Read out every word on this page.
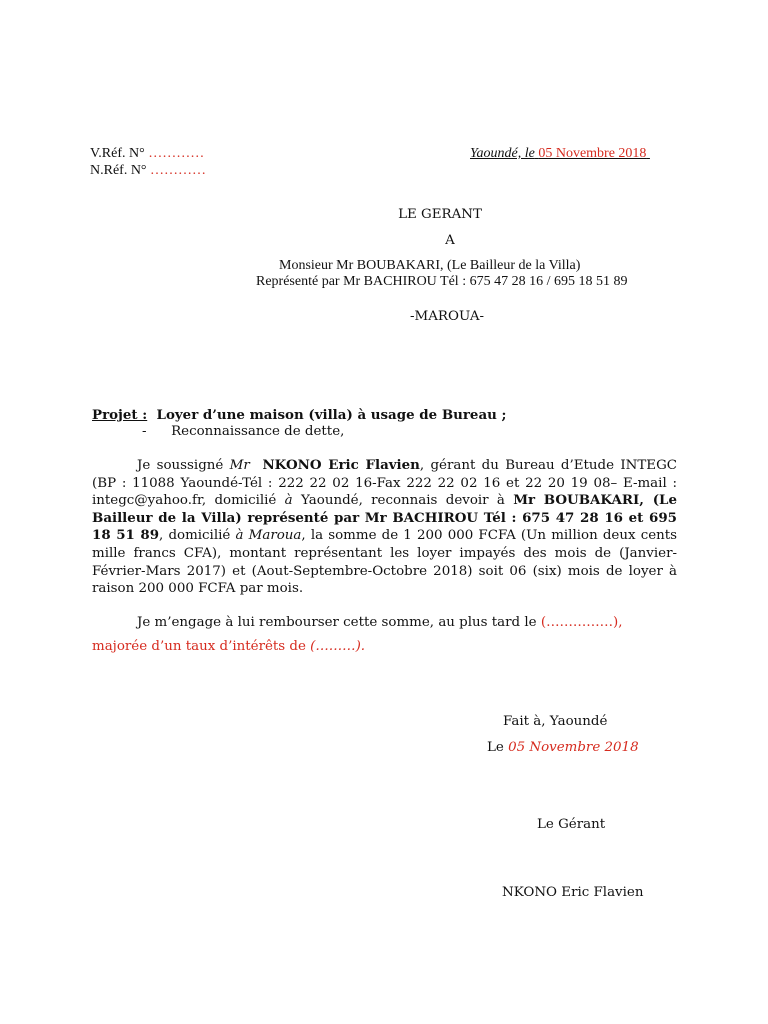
V.Réf. N° …………
N.Réf. N° …………
Yaoundé, le 05 Novembre 2018
LE GERANT
A
Monsieur Mr BOUBAKARI, (Le Bailleur de la Villa)
Représenté par Mr BACHIROU Tél : 675 47 28 16 / 695 18 51 89
-MAROUA-
Projet : Loyer d’une maison (villa) à usage de Bureau ;
- Reconnaissance de dette,
Je soussigné Mr NKONO Eric Flavien, gérant du Bureau d’Etude INTEGC (BP : 11088 Yaoundé-Tél : 222 22 02 16-Fax 222 22 02 16 et 22 20 19 08– E-mail : integc@yahoo.fr, domicilié à Yaoundé, reconnais devoir à Mr BOUBAKARI, (Le Bailleur de la Villa) représenté par Mr BACHIROU Tél : 675 47 28 16 et 695 18 51 89, domicilié à Maroua, la somme de 1 200 000 FCFA (Un million deux cents mille francs CFA), montant représentant les loyer impayés des mois de (Janvier-Février-Mars 2017) et (Aout-Septembre-Octobre 2018) soit 06 (six) mois de loyer à raison 200 000 FCFA par mois.
Je m’engage à lui rembourser cette somme, au plus tard le (……………), majorée d’un taux d’intérêts de (………).
Fait à, Yaoundé
Le 05 Novembre 2018
Le Gérant
NKONO Eric Flavien
